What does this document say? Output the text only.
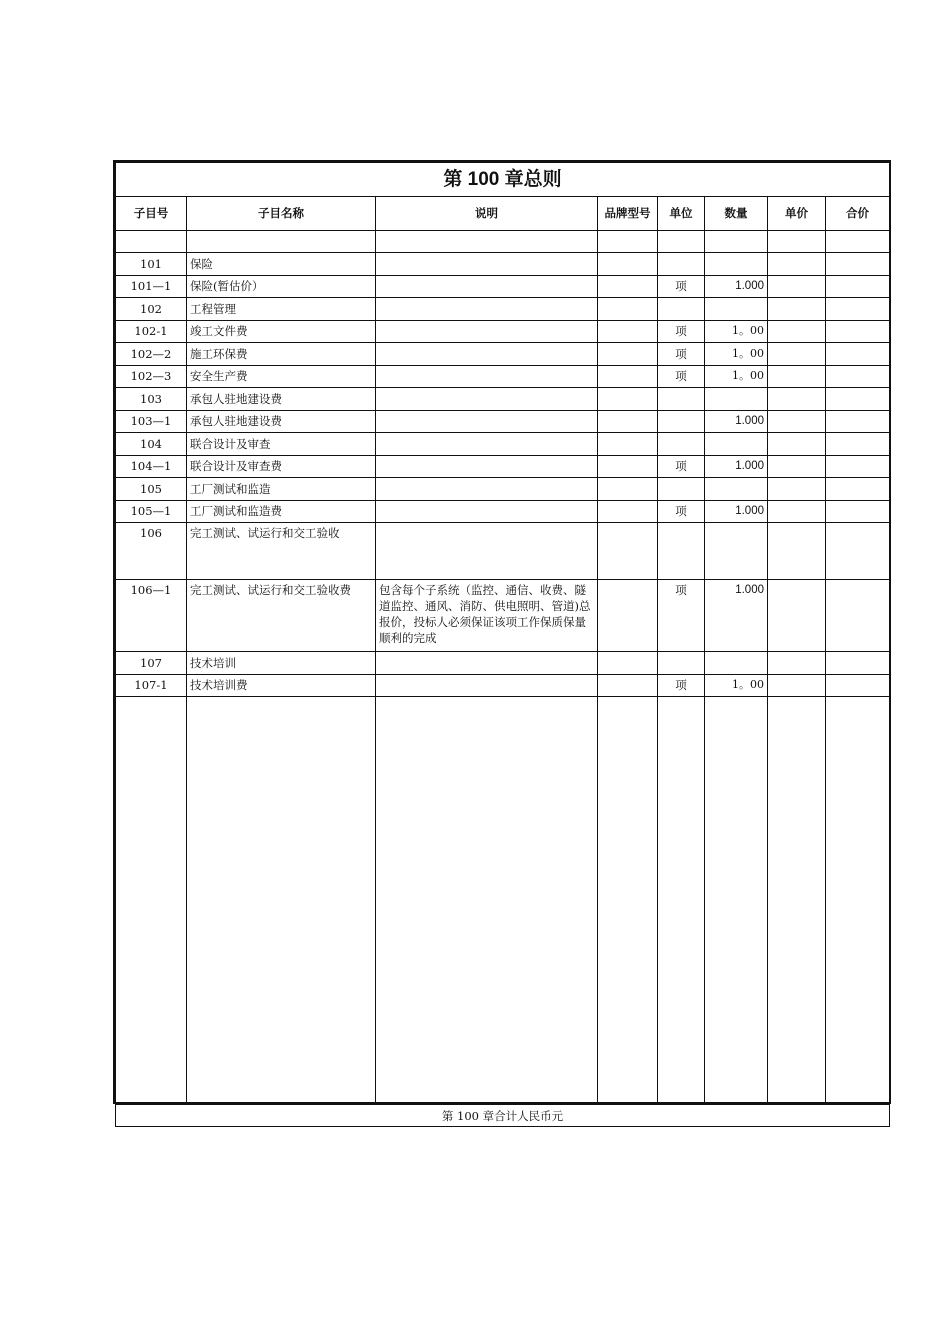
第 100 章总则							
子目号	子目名称	说明	品牌型号	单位	数量	单价	合价

101	保险						
101—1	保险(暂估价）			项	1.000		
102	工程管理						
102-1	竣工文件费			项	1。00		
102—2	施工环保费			项	1。00		
102—3	安全生产费			项	1。00		
103	承包人驻地建设费						
103—1	承包人驻地建设费				1.000		
104	联合设计及审查						
104—1	联合设计及审查费			项	1.000		
105	工厂测试和监造						
105—1	工厂测试和监造费			项	1.000		
106	完工测试、试运行和交工验收						
106—1	完工测试、试运行和交工验收费	包含每个子系统（监控、通信、收费、隧道监控、通风、消防、供电照明、管道)总报价，投标人必须保证该项工作保质保量顺利的完成		项	1.000		
107	技术培训						
107-1	技术培训费			项	1。00		

第 100 章合计人民币元							
